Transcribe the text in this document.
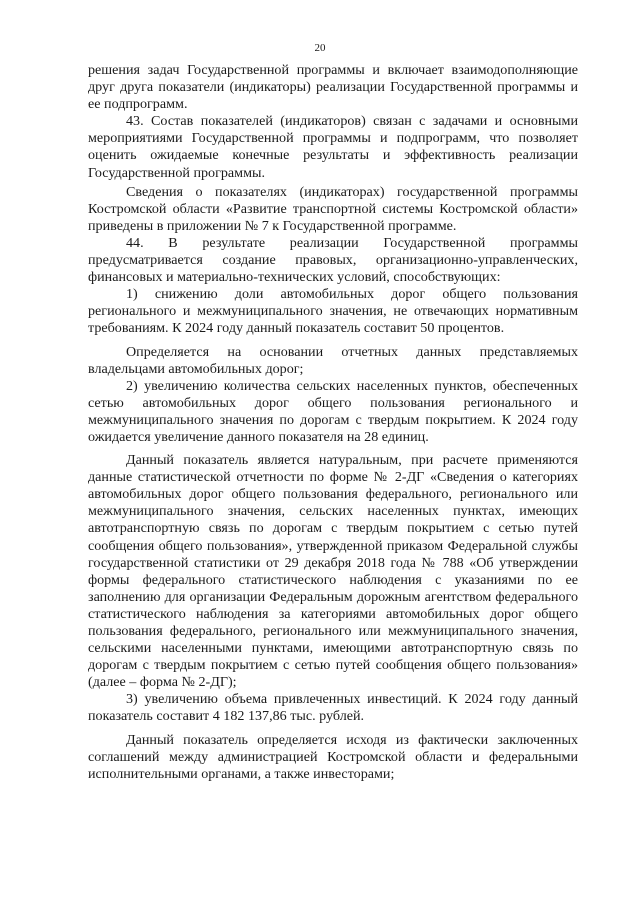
20

решения задач Государственной программы и включает взаимодополняющие друг друга показатели (индикаторы) реализации Государственной программы и ее подпрограмм.

43. Состав показателей (индикаторов) связан с задачами и основными мероприятиями Государственной программы и подпрограмм, что позволяет оценить ожидаемые конечные результаты и эффективность реализации Государственной программы.

Сведения о показателях (индикаторах) государственной программы Костромской области «Развитие транспортной системы Костромской области» приведены в приложении № 7 к Государственной программе.

44. В результате реализации Государственной программы предусматривается создание правовых, организационно-управленческих, финансовых и материально-технических условий, способствующих:

1) снижению доли автомобильных дорог общего пользования регионального и межмуниципального значения, не отвечающих нормативным требованиям. К 2024 году данный показатель составит 50 процентов.

Определяется на основании отчетных данных представляемых владельцами автомобильных дорог;

2) увеличению количества сельских населенных пунктов, обеспеченных сетью автомобильных дорог общего пользования регионального и межмуниципального значения по дорогам с твердым покрытием. К 2024 году ожидается увеличение данного показателя на 28 единиц.

Данный показатель является натуральным, при расчете применяются данные статистической отчетности по форме № 2-ДГ «Сведения о категориях автомобильных дорог общего пользования федерального, регионального или межмуниципального значения, сельских населенных пунктах, имеющих автотранспортную связь по дорогам с твердым покрытием с сетью путей сообщения общего пользования», утвержденной приказом Федеральной службы государственной статистики от 29 декабря 2018 года № 788 «Об утверждении формы федерального статистического наблюдения с указаниями по ее заполнению для организации Федеральным дорожным агентством федерального статистического наблюдения за категориями автомобильных дорог общего пользования федерального, регионального или межмуниципального значения, сельскими населенными пунктами, имеющими автотранспортную связь по дорогам с твердым покрытием с сетью путей сообщения общего пользования» (далее – форма № 2-ДГ);

3) увеличению объема привлеченных инвестиций. К 2024 году данный показатель составит 4 182 137,86 тыс. рублей.

Данный показатель определяется исходя из фактически заключенных соглашений между администрацией Костромской области и федеральными исполнительными органами, а также инвесторами;
